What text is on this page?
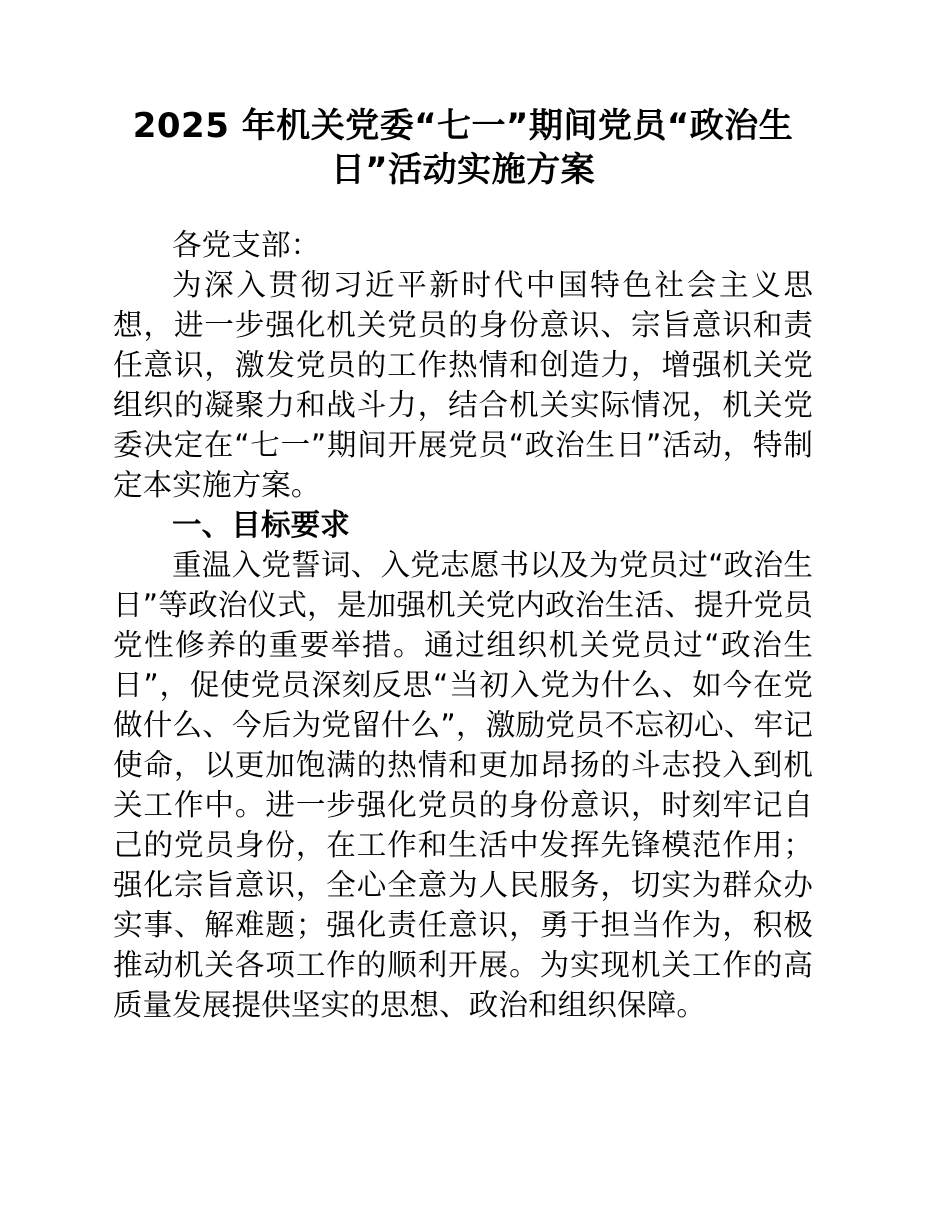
2025 年机关党委“七一”期间党员“政治生日”活动实施方案

各党支部：

为深入贯彻习近平新时代中国特色社会主义思想，进一步强化机关党员的身份意识、宗旨意识和责任意识，激发党员的工作热情和创造力，增强机关党组织的凝聚力和战斗力，结合机关实际情况，机关党委决定在“七一”期间开展党员“政治生日”活动，特制定本实施方案。

一、目标要求

重温入党誓词、入党志愿书以及为党员过“政治生日”等政治仪式，是加强机关党内政治生活、提升党员党性修养的重要举措。通过组织机关党员过“政治生日”，促使党员深刻反思“当初入党为什么、如今在党做什么、今后为党留什么”，激励党员不忘初心、牢记使命，以更加饱满的热情和更加昂扬的斗志投入到机关工作中。进一步强化党员的身份意识，时刻牢记自己的党员身份，在工作和生活中发挥先锋模范作用；强化宗旨意识，全心全意为人民服务，切实为群众办实事、解难题；强化责任意识，勇于担当作为，积极推动机关各项工作的顺利开展。为实现机关工作的高质量发展提供坚实的思想、政治和组织保障。
